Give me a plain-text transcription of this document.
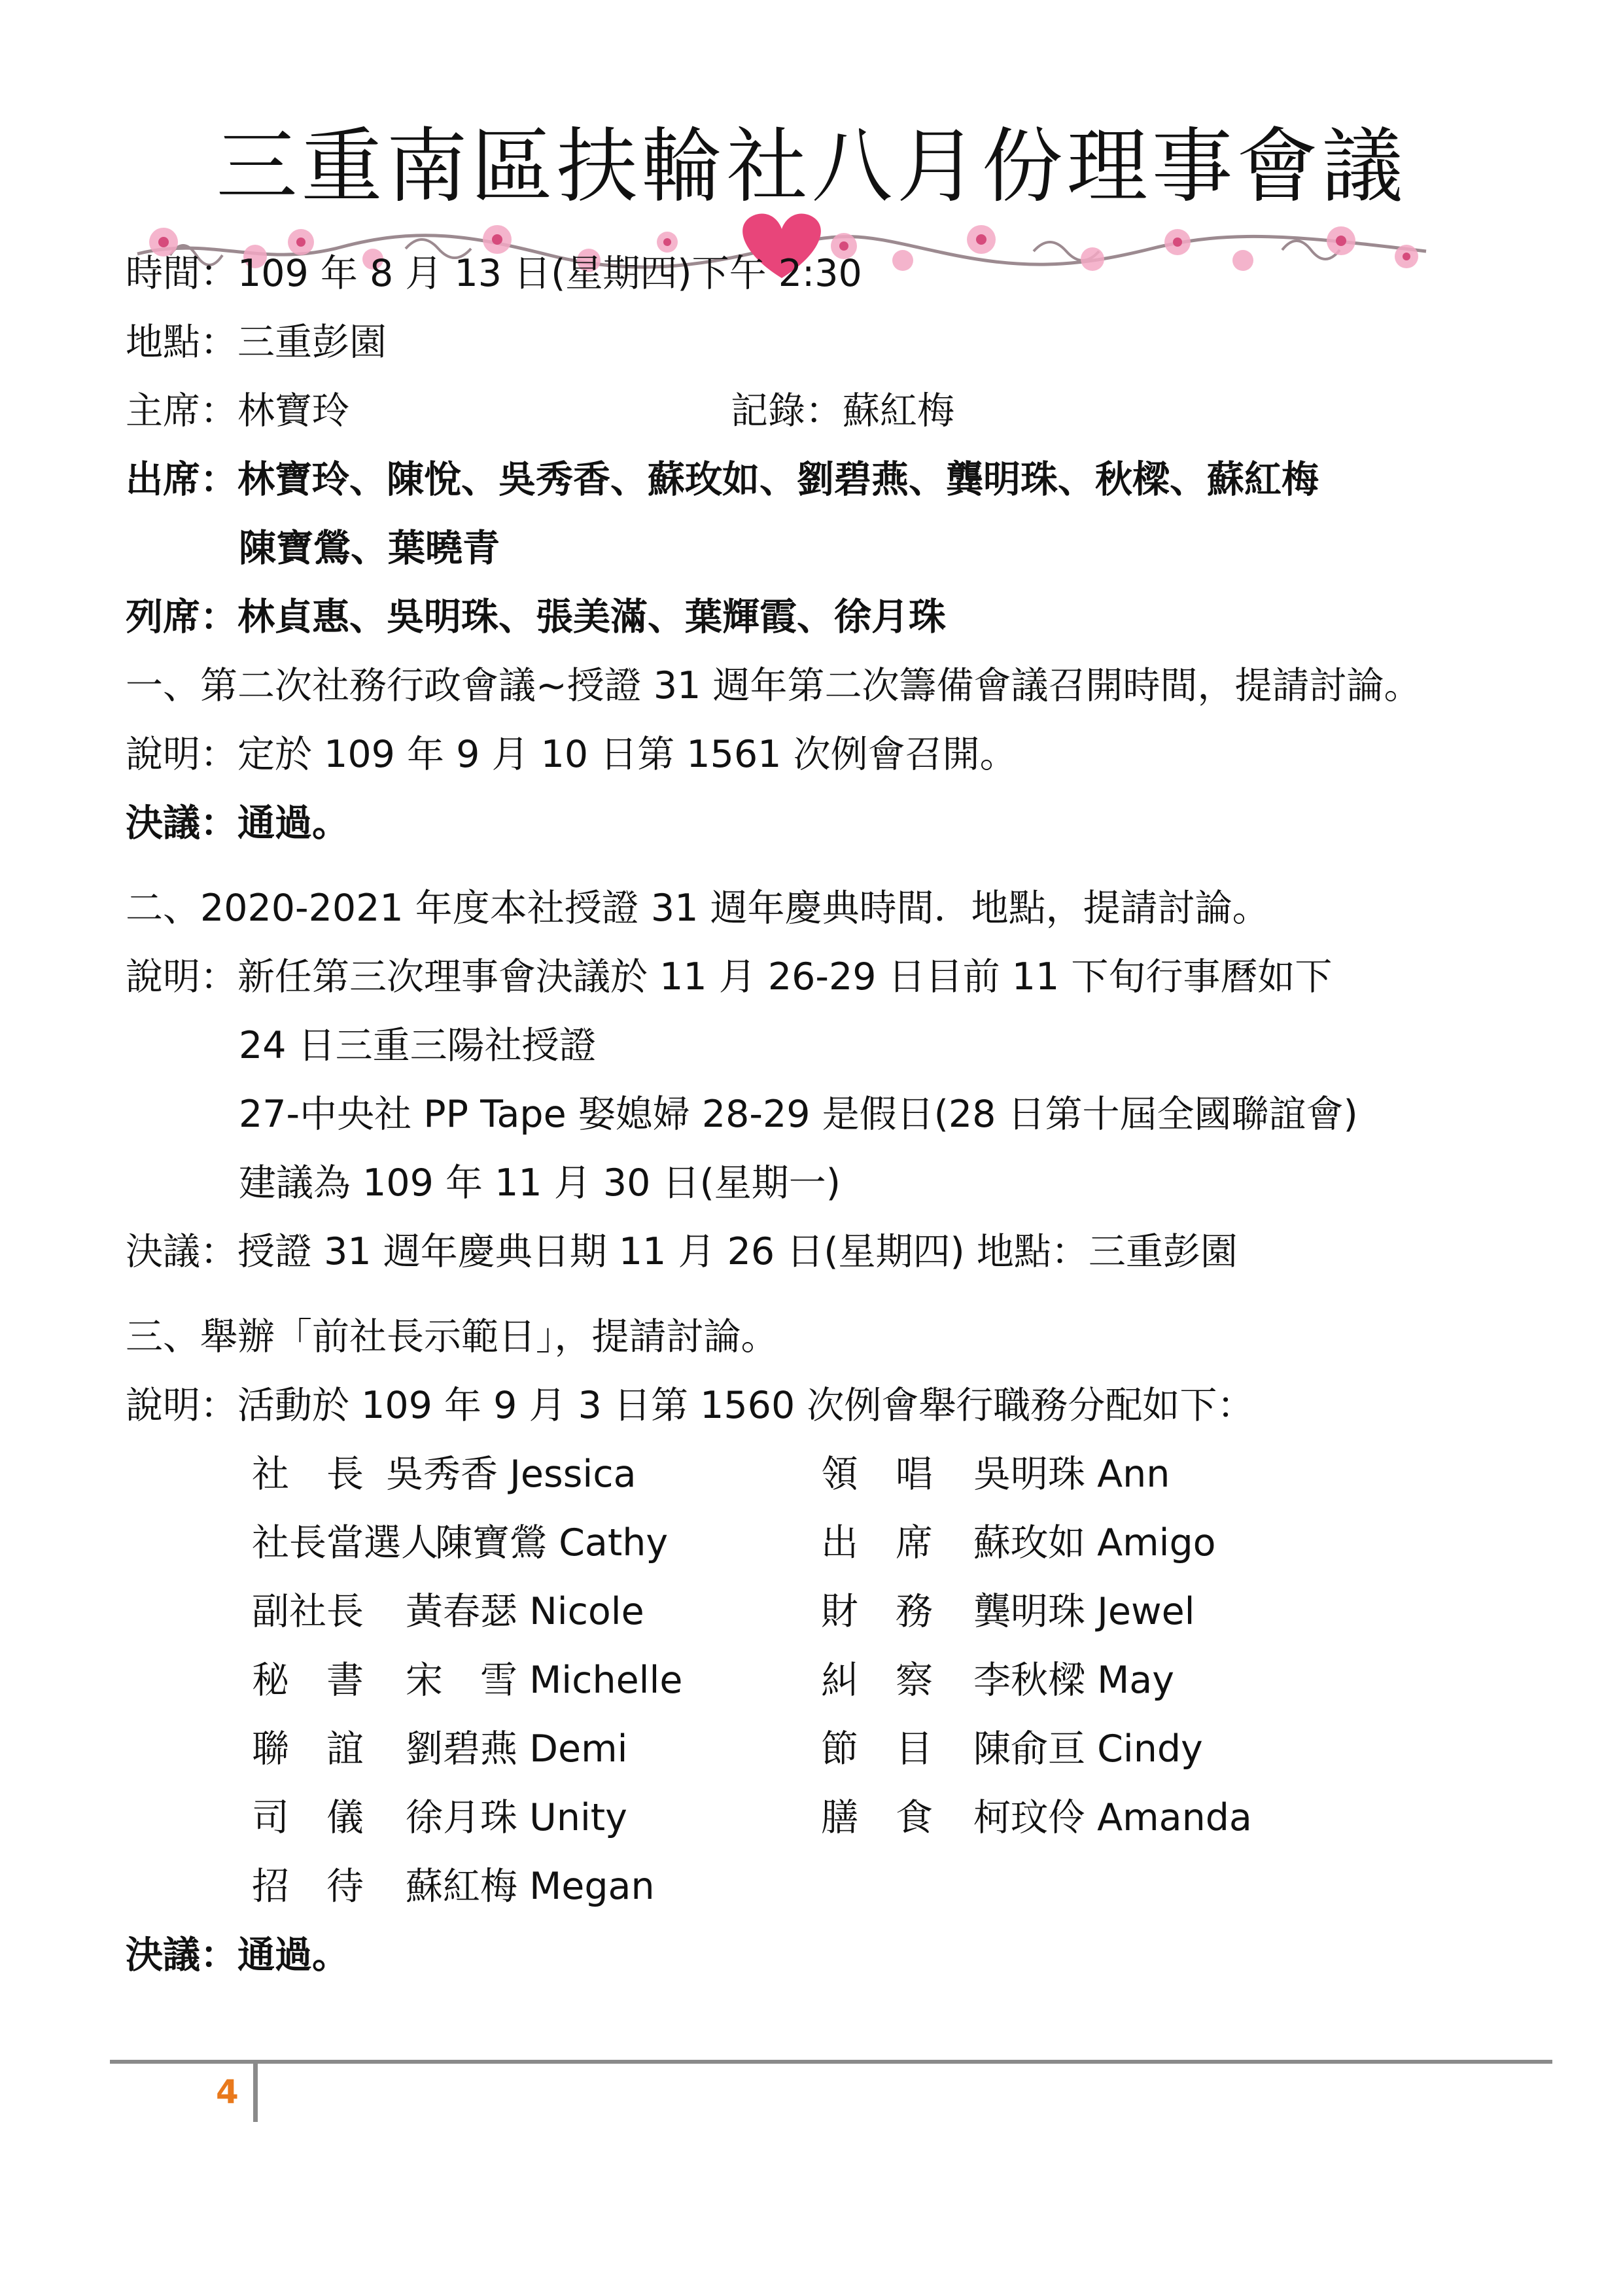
三重南區扶輪社八月份理事會議
時間：109 年 8 月 13 日(星期四)下午 2:30
地點：三重彭園
主席：林寶玲	記錄：蘇紅梅
出席：林寶玲、陳悅、吳秀香、蘇玫如、劉碧燕、龔明珠、秋樑、蘇紅梅
陳寶鶯、葉曉青
列席：林貞惠、吳明珠、張美滿、葉輝霞、徐月珠
一、第二次社務行政會議~授證 31 週年第二次籌備會議召開時間，提請討論。
說明：定於 109 年 9 月 10 日第 1561 次例會召開。
決議：通過。
二、2020-2021 年度本社授證 31 週年慶典時間．地點，提請討論。
說明：新任第三次理事會決議於 11 月 26-29 日目前 11 下旬行事曆如下
24 日三重三陽社授證
27-中央社 PP Tape 娶媳婦 28-29 是假日(28 日第十屆全國聯誼會)
建議為 109 年 11 月 30 日(星期一)
決議：授證 31 週年慶典日期 11 月 26 日(星期四) 地點：三重彭園
三、舉辦「前社長示範日」，提請討論。
說明：活動於 109 年 9 月 3 日第 1560 次例會舉行職務分配如下：
社　長 吳秀香 Jessica
社長當選人
陳寶鶯 Cathy
副社長 黃春瑟 Nicole
秘　書 宋　雪 Michelle
聯　誼 劉碧燕 Demi
司　儀 徐月珠 Unity
招　待 蘇紅梅 Megan
領　唱 吳明珠 Ann
出　席 蘇玫如 Amigo
財　務 龔明珠 Jewel
糾　察 李秋樑 May
節　目 陳俞亘 Cindy
膳　食 柯玟伶 Amanda
決議：通過。
4
